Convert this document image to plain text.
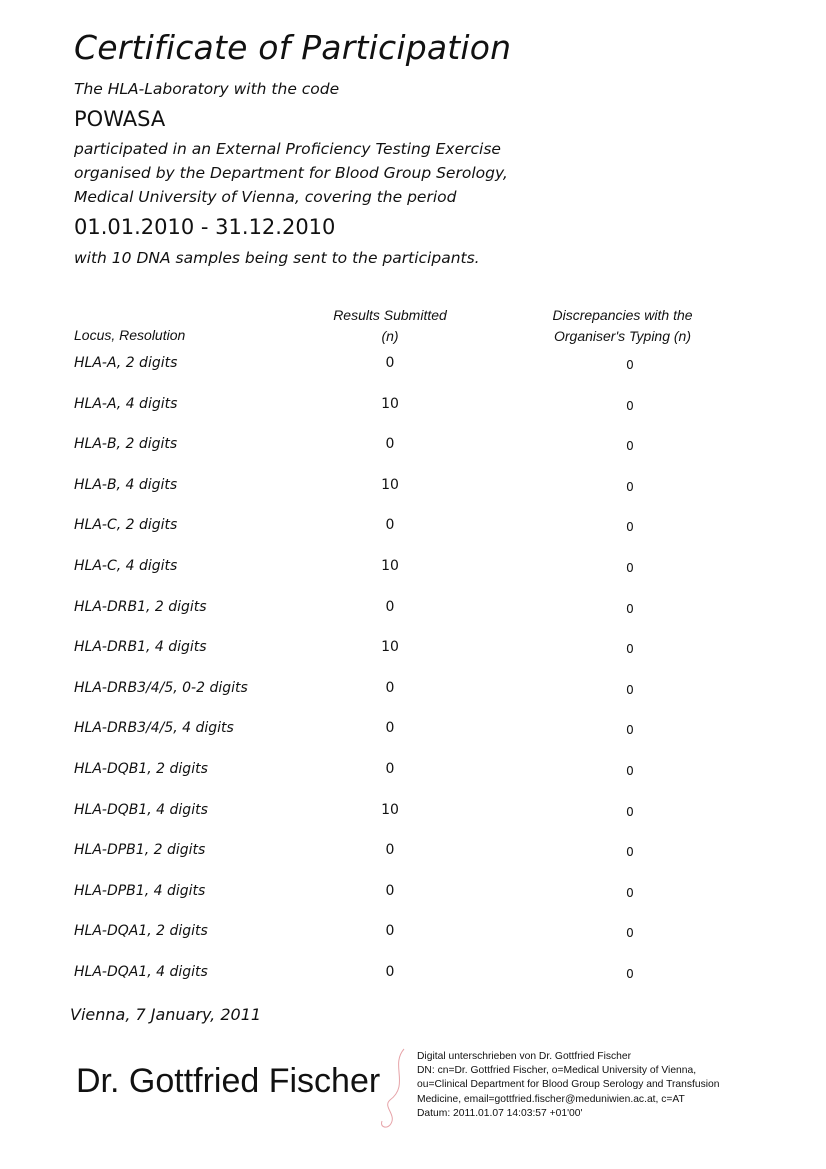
Certificate of Participation
The HLA-Laboratory with the code
POWASA
participated in an External Proficiency Testing Exercise
organised by the Department for Blood Group Serology,
Medical University of Vienna, covering the period
01.01.2010 - 31.12.2010
with 10 DNA samples being sent to the participants.
Locus, Resolution
Results Submitted
(n)
Discrepancies with the
Organiser's Typing (n)
HLA-A, 2 digits	0	0
HLA-A, 4 digits	10	0
HLA-B, 2 digits	0	0
HLA-B, 4 digits	10	0
HLA-C, 2 digits	0	0
HLA-C, 4 digits	10	0
HLA-DRB1, 2 digits	0	0
HLA-DRB1, 4 digits	10	0
HLA-DRB3/4/5, 0-2 digits	0	0
HLA-DRB3/4/5, 4 digits	0	0
HLA-DQB1, 2 digits	0	0
HLA-DQB1, 4 digits	10	0
HLA-DPB1, 2 digits	0	0
HLA-DPB1, 4 digits	0	0
HLA-DQA1, 2 digits	0	0
HLA-DQA1, 4 digits	0	0
Vienna, 7 January, 2011
Dr. Gottfried Fischer
Digital unterschrieben von Dr. Gottfried Fischer
DN: cn=Dr. Gottfried Fischer, o=Medical University of Vienna,
ou=Clinical Department for Blood Group Serology and Transfusion
Medicine, email=gottfried.fischer@meduniwien.ac.at, c=AT
Datum: 2011.01.07 14:03:57 +01'00'
